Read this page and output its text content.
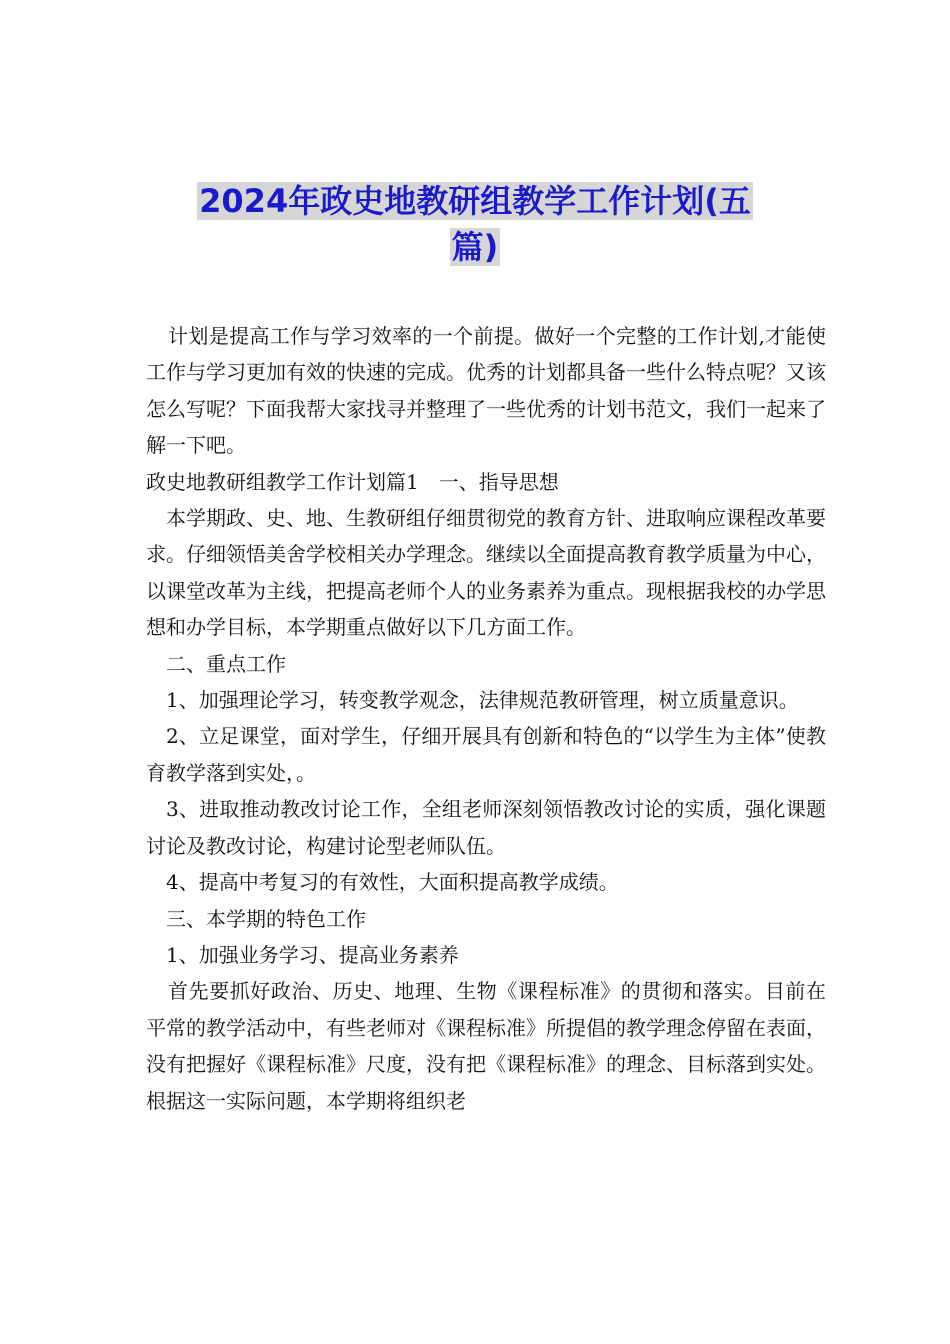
2024年政史地教研组教学工作计划(五
篇)

计划是提高工作与学习效率的一个前提。做好一个完整的工作计划,才能使工作与学习更加有效的快速的完成。优秀的计划都具备一些什么特点呢？又该怎么写呢？下面我帮大家找寻并整理了一些优秀的计划书范文，我们一起来了解一下吧。

政史地教研组教学工作计划篇1　一、指导思想

本学期政、史、地、生教研组仔细贯彻党的教育方针、进取响应课程改革要求。仔细领悟美舍学校相关办学理念。继续以全面提高教育教学质量为中心，以课堂改革为主线，把提高老师个人的业务素养为重点。现根据我校的办学思想和办学目标，本学期重点做好以下几方面工作。

二、重点工作

1、加强理论学习，转变教学观念，法律规范教研管理，树立质量意识。

2、立足课堂，面对学生，仔细开展具有创新和特色的“以学生为主体”使教育教学落到实处，。

3、进取推动教改讨论工作，全组老师深刻领悟教改讨论的实质，强化课题讨论及教改讨论，构建讨论型老师队伍。

4、提高中考复习的有效性，大面积提高教学成绩。

三、本学期的特色工作

1、加强业务学习、提高业务素养

首先要抓好政治、历史、地理、生物《课程标准》的贯彻和落实。目前在平常的教学活动中，有些老师对《课程标准》所提倡的教学理念停留在表面，没有把握好《课程标准》尺度，没有把《课程标准》的理念、目标落到实处。根据这一实际问题，本学期将组织老
